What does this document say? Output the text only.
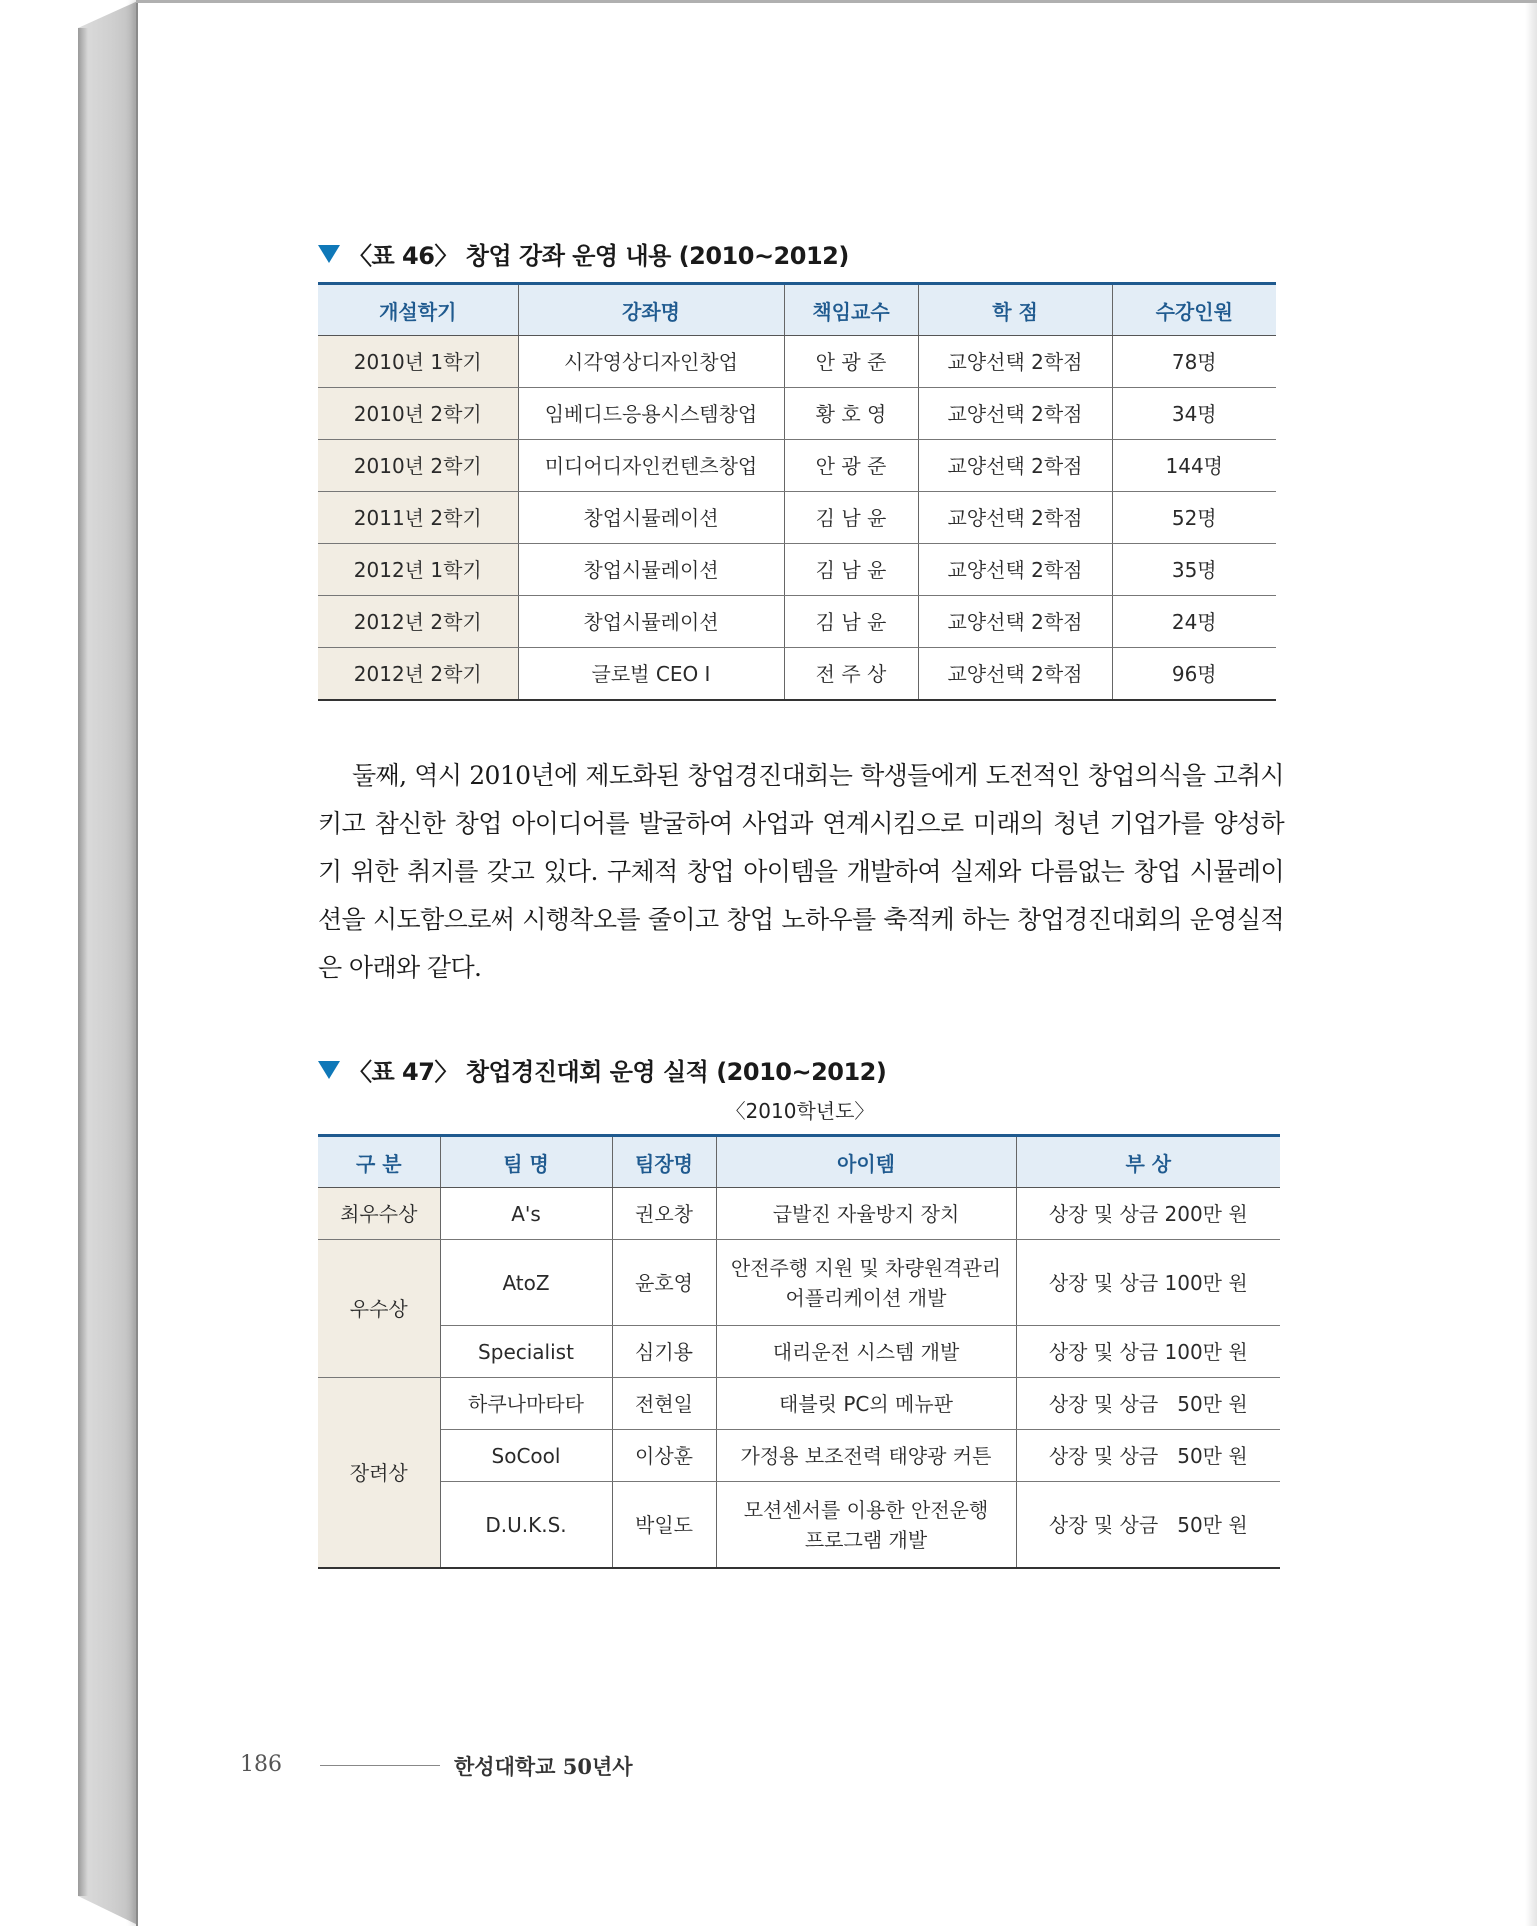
〈표 46〉 창업 강좌 운영 내용 (2010~2012)
개설학기	강좌명	책임교수	학 점	수강인원
2010년 1학기	시각영상디자인창업	안 광 준	교양선택 2학점	78명
2010년 2학기	임베디드응용시스템창업	황 호 영	교양선택 2학점	34명
2010년 2학기	미디어디자인컨텐츠창업	안 광 준	교양선택 2학점	144명
2011년 2학기	창업시뮬레이션	김 남 윤	교양선택 2학점	52명
2012년 1학기	창업시뮬레이션	김 남 윤	교양선택 2학점	35명
2012년 2학기	창업시뮬레이션	김 남 윤	교양선택 2학점	24명
2012년 2학기	글로벌 CEO Ⅰ	전 주 상	교양선택 2학점	96명

둘째, 역시 2010년에 제도화된 창업경진대회는 학생들에게 도전적인 창업의식을 고취시키고 참신한 창업 아이디어를 발굴하여 사업과 연계시킴으로 미래의 청년 기업가를 양성하기 위한 취지를 갖고 있다. 구체적 창업 아이템을 개발하여 실제와 다름없는 창업 시뮬레이션을 시도함으로써 시행착오를 줄이고 창업 노하우를 축적케 하는 창업경진대회의 운영실적은 아래와 같다.

〈표 47〉 창업경진대회 운영 실적 (2010~2012)
〈2010학년도〉
구 분	팀 명	팀장명	아이템	부 상
최우수상	A's	권오창	급발진 자율방지 장치	상장 및 상금 200만 원
우수상	AtoZ	윤호영	안전주행 지원 및 차량원격관리 어플리케이션 개발	상장 및 상금 100만 원
	Specialist	심기용	대리운전 시스템 개발	상장 및 상금 100만 원
장려상	하쿠나마타타	전현일	태블릿 PC의 메뉴판	상장 및 상금   50만 원
	SoCool	이상훈	가정용 보조전력 태양광 커튼	상장 및 상금   50만 원
	D.U.K.S.	박일도	모션센서를 이용한 안전운행 프로그램 개발	상장 및 상금   50만 원
186	한성대학교 50년사
